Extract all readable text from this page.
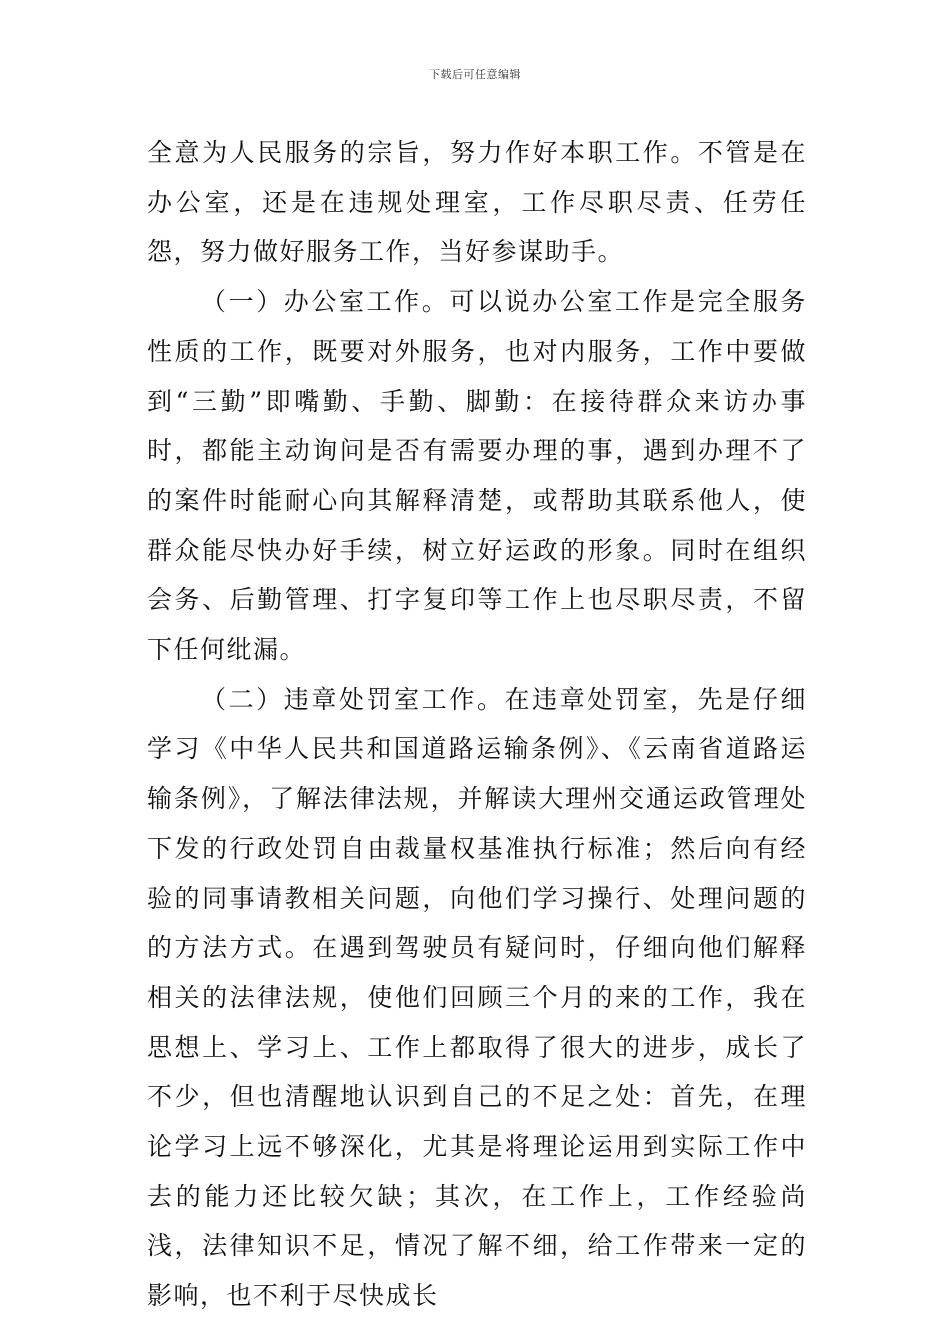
下载后可任意编辑

全意为人民服务的宗旨，努力作好本职工作。不管是在办公室，还是在违规处理室，工作尽职尽责、任劳任怨，努力做好服务工作，当好参谋助手。

（一）办公室工作。可以说办公室工作是完全服务性质的工作，既要对外服务，也对内服务，工作中要做到“三勤”即嘴勤、手勤、脚勤：在接待群众来访办事时，都能主动询问是否有需要办理的事，遇到办理不了的案件时能耐心向其解释清楚，或帮助其联系他人，使群众能尽快办好手续，树立好运政的形象。同时在组织会务、后勤管理、打字复印等工作上也尽职尽责，不留下任何纰漏。

（二）违章处罚室工作。在违章处罚室，先是仔细学习《中华人民共和国道路运输条例》、《云南省道路运输条例》，了解法律法规，并解读大理州交通运政管理处下发的行政处罚自由裁量权基准执行标准；然后向有经验的同事请教相关问题，向他们学习操行、处理问题的的方法方式。在遇到驾驶员有疑问时，仔细向他们解释相关的法律法规，使他们回顾三个月的来的工作，我在思想上、学习上、工作上都取得了很大的进步，成长了不少，但也清醒地认识到自己的不足之处：首先，在理论学习上远不够深化，尤其是将理论运用到实际工作中去的能力还比较欠缺；其次，在工作上，工作经验尚浅，法律知识不足，情况了解不细，给工作带来一定的影响，也不利于尽快成长
